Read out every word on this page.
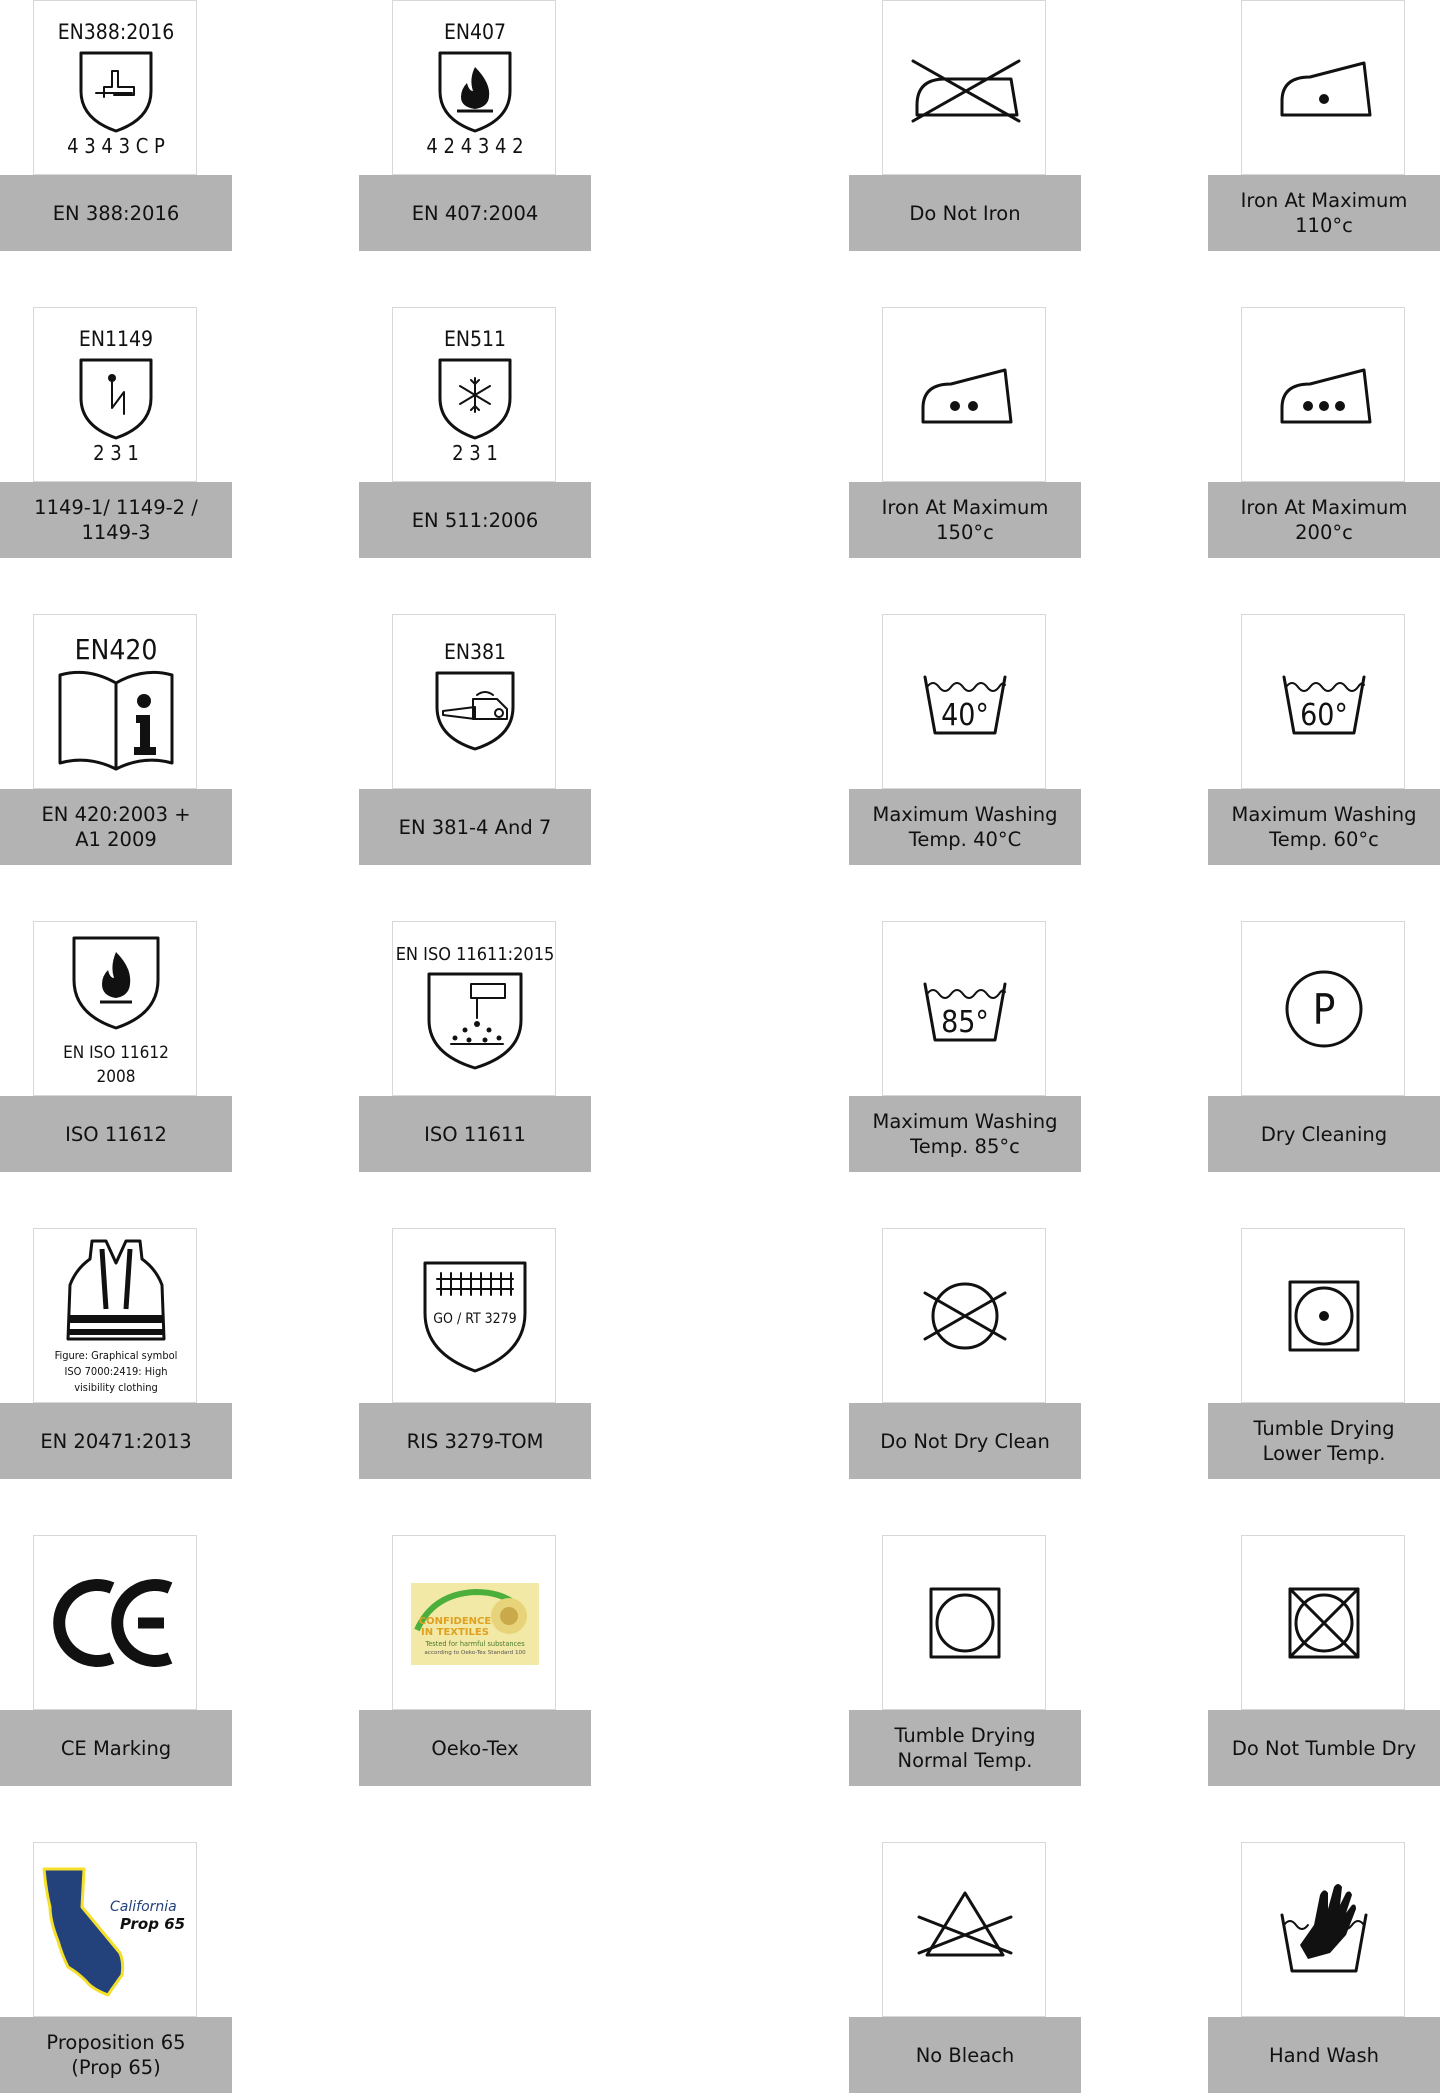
EN388:2016
4 3 4 3 C P
EN 388:2016
EN407
4 2 4 3 4 2
EN 407:2004	Do Not Iron
Iron At Maximum
110°c
EN1149
2 3 1
1149-1/ 1149-2 / 1149-3
EN511
2 3 1
EN 511:2006
Iron At Maximum
150°c
Iron At Maximum
200°c
EN420
EN 420:2003 +
A1 2009
EN381
EN 381-4 And 7
40°
Maximum Washing
Temp. 40°C
60°
Maximum Washing
Temp. 60°c
EN ISO 11612
2008
ISO 11612
EN ISO 11611:2015
ISO 11611
85°
Maximum Washing
Temp. 85°c
P
Dry Cleaning
Figure: Graphical symbol
ISO 7000:2419: High
visibility clothing
EN 20471:2013
GO / RT 3279
RIS 3279-TOM	Do Not Dry Clean
Tumble Drying
Lower Temp.
CE
CE Marking
CONFIDENCE
IN TEXTILES
Tested for harmful substances
according to Oeko-Tex Standard 100
Oeko-Tex
Tumble Drying
Normal Temp.
Do Not Tumble Dry
California
Prop 65
Proposition 65
(Prop 65)
No Bleach	Hand Wash
